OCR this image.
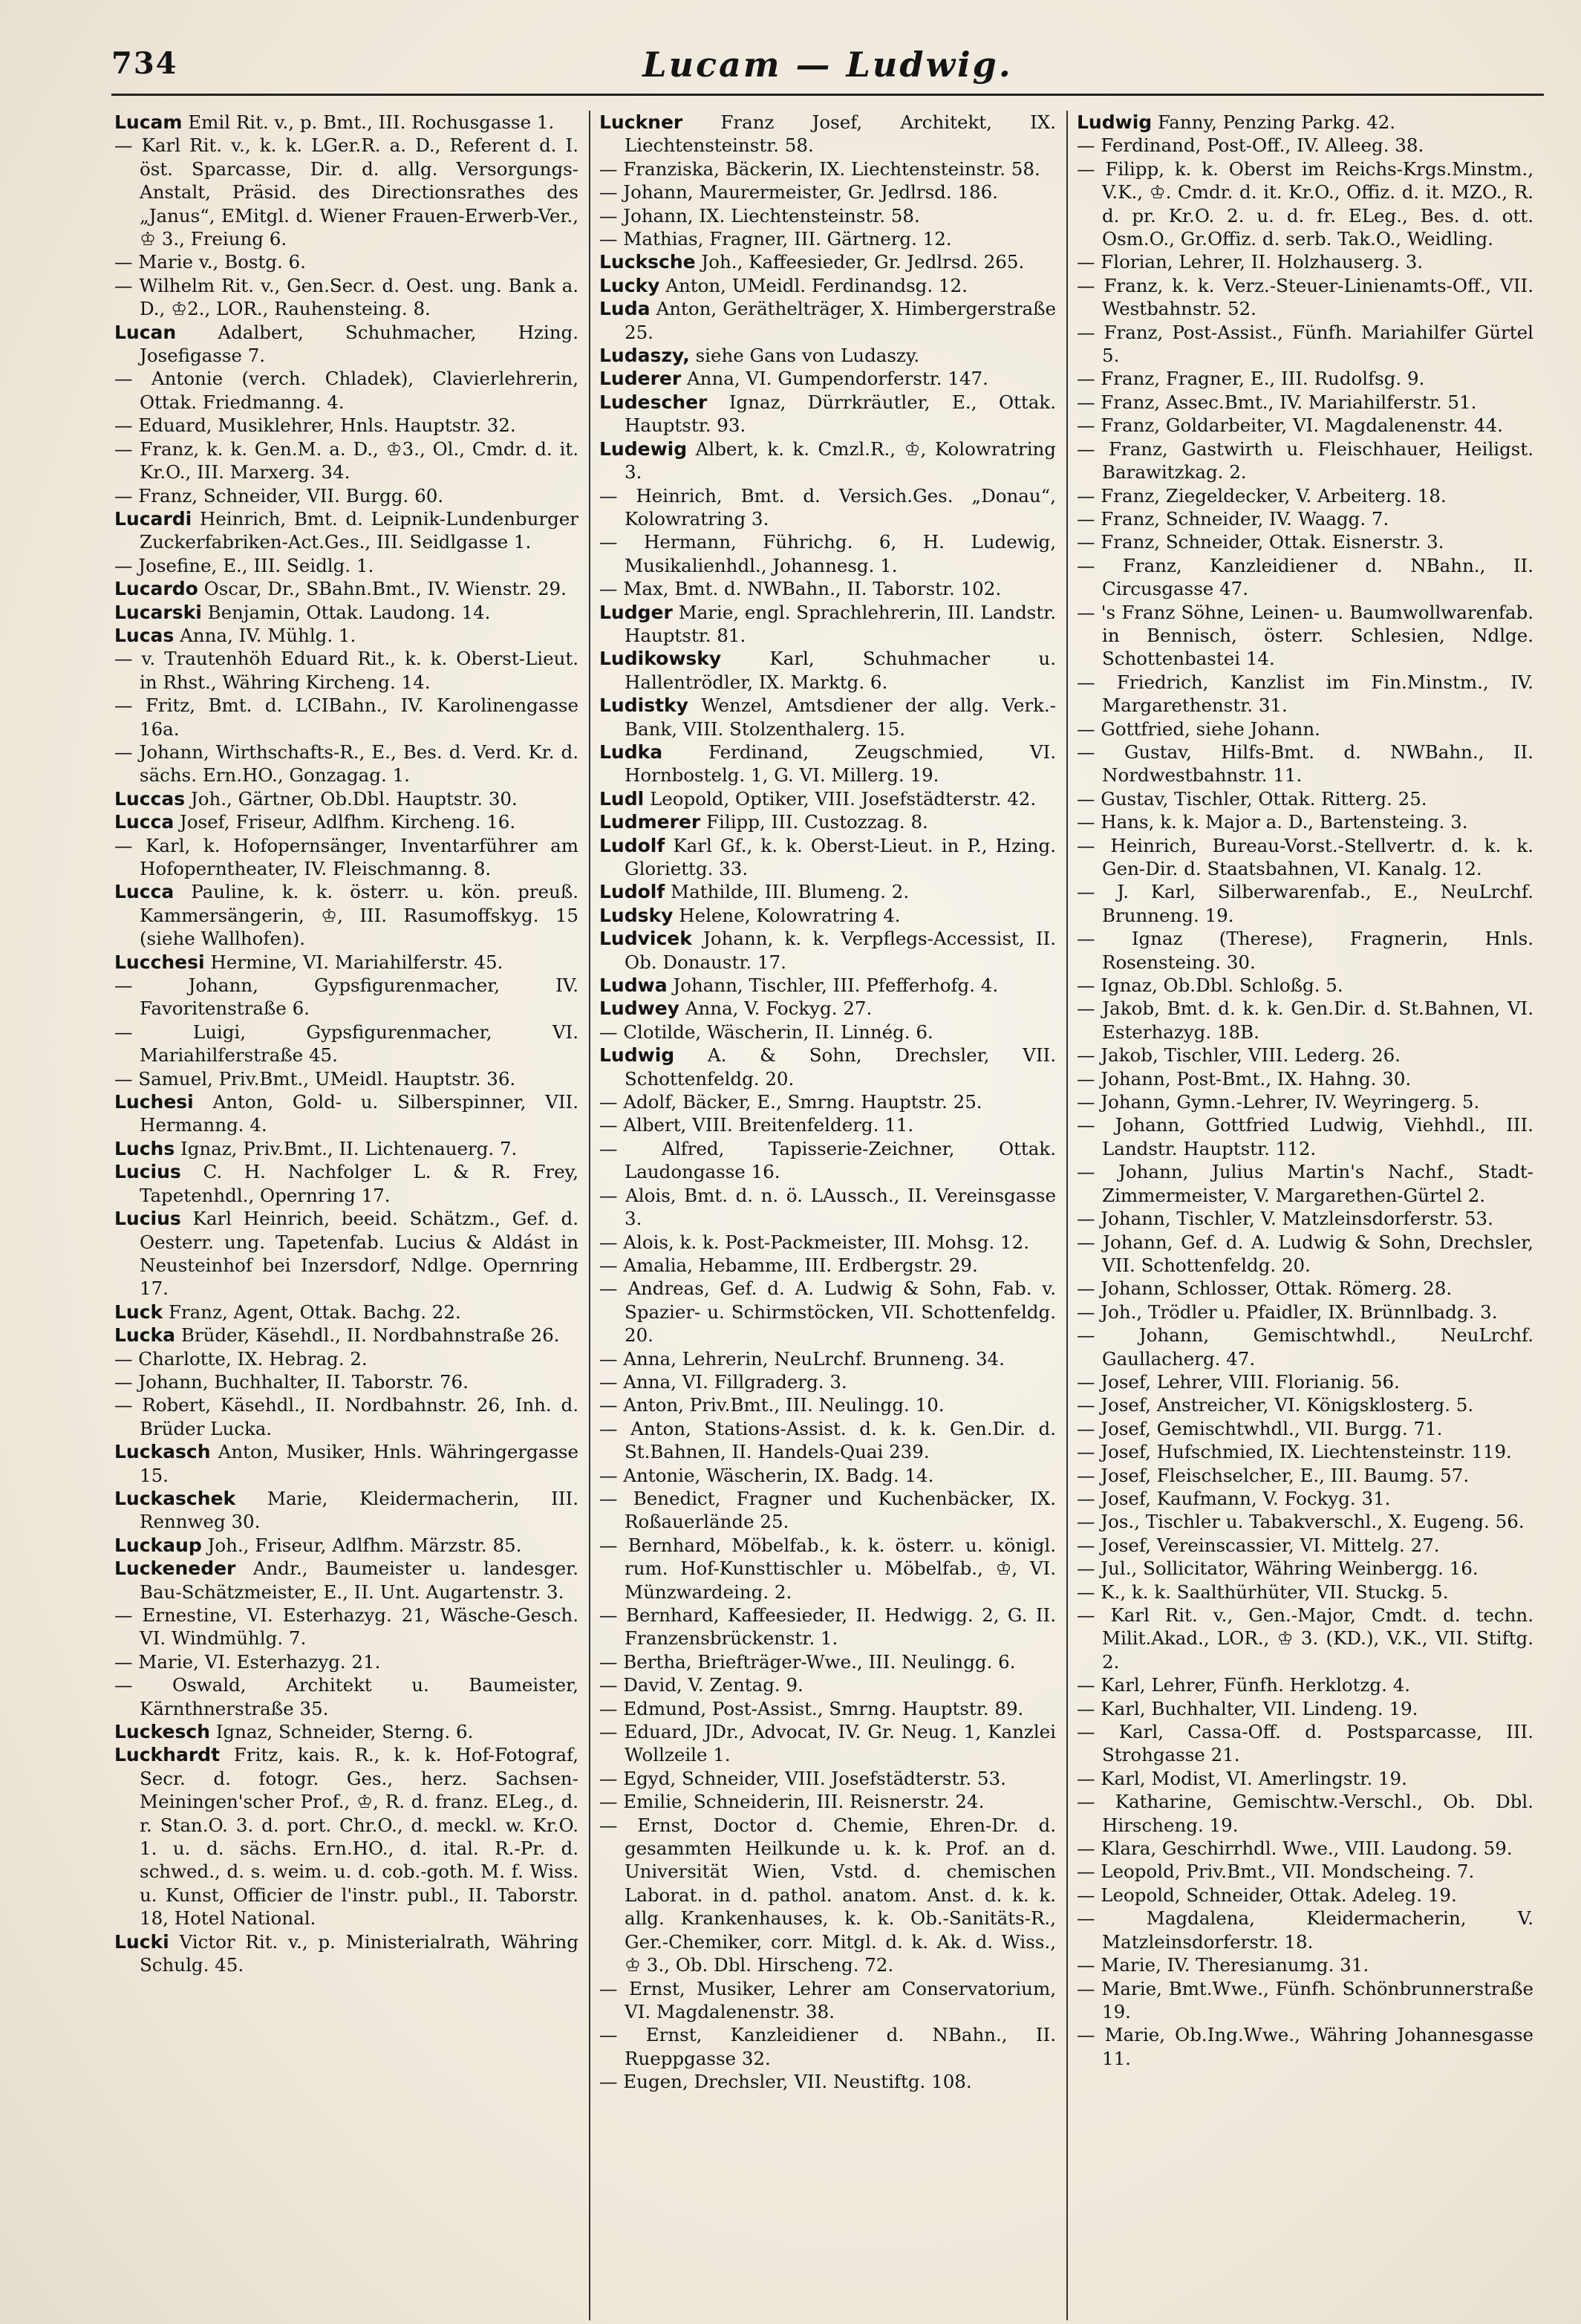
734	Lucam — Ludwig.
Lucam Emil Rit. v., p. Bmt., III. Rochusgasse 1.
— Karl Rit. v., k. k. LGer.R. a. D., Referent d. I. öst. Sparcasse, Dir. d. allg. Versorgungs-Anstalt, Präsid. des Directionsrathes des „Janus“, EMitgl. d. Wiener Frauen-Erwerb-Ver., ♔ 3., Freiung 6.
— Marie v., Bostg. 6.
— Wilhelm Rit. v., Gen.Secr. d. Oest. ung. Bank a. D., ♔2., LOR., Rauhensteing. 8.
Lucan Adalbert, Schuhmacher, Hzing. Josefigasse 7.
— Antonie (verch. Chladek), Clavierlehrerin, Ottak. Friedmanng. 4.
— Eduard, Musiklehrer, Hnls. Hauptstr. 32.
— Franz, k. k. Gen.M. a. D., ♔3., Ol., Cmdr. d. it. Kr.O., III. Marxerg. 34.
— Franz, Schneider, VII. Burgg. 60.
Lucardi Heinrich, Bmt. d. Leipnik-Lundenburger Zuckerfabriken-Act.Ges., III. Seidlgasse 1.
— Josefine, E., III. Seidlg. 1.
Lucardo Oscar, Dr., SBahn.Bmt., IV. Wienstr. 29.
Lucarski Benjamin, Ottak. Laudong. 14.
Lucas Anna, IV. Mühlg. 1.
— v. Trautenhöh Eduard Rit., k. k. Oberst-Lieut. in Rhst., Währing Kircheng. 14.
— Fritz, Bmt. d. LCIBahn., IV. Karolinengasse 16a.
— Johann, Wirthschafts-R., E., Bes. d. Verd. Kr. d. sächs. Ern.HO., Gonzagag. 1.
Luccas Joh., Gärtner, Ob.Dbl. Hauptstr. 30.
Lucca Josef, Friseur, Adlfhm. Kircheng. 16.
— Karl, k. Hofopernsänger, Inventarführer am Hofoperntheater, IV. Fleischmanng. 8.
Lucca Pauline, k. k. österr. u. kön. preuß. Kammersängerin, ♔, III. Rasumoffskyg. 15 (siehe Wallhofen).
Lucchesi Hermine, VI. Mariahilferstr. 45.
— Johann, Gypsfigurenmacher, IV. Favoritenstraße 6.
— Luigi, Gypsfigurenmacher, VI. Mariahilferstraße 45.
— Samuel, Priv.Bmt., UMeidl. Hauptstr. 36.
Luchesi Anton, Gold- u. Silberspinner, VII. Hermanng. 4.
Luchs Ignaz, Priv.Bmt., II. Lichtenauerg. 7.
Lucius C. H. Nachfolger L. & R. Frey, Tapetenhdl., Opernring 17.
Lucius Karl Heinrich, beeid. Schätzm., Gef. d. Oesterr. ung. Tapetenfab. Lucius & Aldást in Neusteinhof bei Inzersdorf, Ndlge. Opernring 17.
Luck Franz, Agent, Ottak. Bachg. 22.
Lucka Brüder, Käsehdl., II. Nordbahnstraße 26.
— Charlotte, IX. Hebrag. 2.
— Johann, Buchhalter, II. Taborstr. 76.
— Robert, Käsehdl., II. Nordbahnstr. 26, Inh. d. Brüder Lucka.
Luckasch Anton, Musiker, Hnls. Währingergasse 15.
Luckaschek Marie, Kleidermacherin, III. Rennweg 30.
Luckaup Joh., Friseur, Adlfhm. Märzstr. 85.
Luckeneder Andr., Baumeister u. landesger. Bau-Schätzmeister, E., II. Unt. Augartenstr. 3.
— Ernestine, VI. Esterhazyg. 21, Wäsche-Gesch. VI. Windmühlg. 7.
— Marie, VI. Esterhazyg. 21.
— Oswald, Architekt u. Baumeister, Kärnthnerstraße 35.
Luckesch Ignaz, Schneider, Sterng. 6.
Luckhardt Fritz, kais. R., k. k. Hof-Fotograf, Secr. d. fotogr. Ges., herz. Sachsen-Meiningen'scher Prof., ♔, R. d. franz. ELeg., d. r. Stan.O. 3. d. port. Chr.O., d. meckl. w. Kr.O. 1. u. d. sächs. Ern.HO., d. ital. R.-Pr. d. schwed., d. s. weim. u. d. cob.-goth. M. f. Wiss. u. Kunst, Officier de l'instr. publ., II. Taborstr. 18, Hotel National.
Lucki Victor Rit. v., p. Ministerialrath, Währing Schulg. 45.
Luckner Franz Josef, Architekt, IX. Liechtensteinstr. 58.
— Franziska, Bäckerin, IX. Liechtensteinstr. 58.
— Johann, Maurermeister, Gr. Jedlrsd. 186.
— Johann, IX. Liechtensteinstr. 58.
— Mathias, Fragner, III. Gärtnerg. 12.
Lucksche Joh., Kaffeesieder, Gr. Jedlrsd. 265.
Lucky Anton, UMeidl. Ferdinandsg. 12.
Luda Anton, Geräthelträger, X. Himbergerstraße 25.
Ludaszy, siehe Gans von Ludaszy.
Luderer Anna, VI. Gumpendorferstr. 147.
Ludescher Ignaz, Dürrkräutler, E., Ottak. Hauptstr. 93.
Ludewig Albert, k. k. Cmzl.R., ♔, Kolowratring 3.
— Heinrich, Bmt. d. Versich.Ges. „Donau“, Kolowratring 3.
— Hermann, Führichg. 6, H. Ludewig, Musikalienhdl., Johannesg. 1.
— Max, Bmt. d. NWBahn., II. Taborstr. 102.
Ludger Marie, engl. Sprachlehrerin, III. Landstr. Hauptstr. 81.
Ludikowsky Karl, Schuhmacher u. Hallentrödler, IX. Marktg. 6.
Ludistky Wenzel, Amtsdiener der allg. Verk.-Bank, VIII. Stolzenthalerg. 15.
Ludka Ferdinand, Zeugschmied, VI. Hornbostelg. 1, G. VI. Millerg. 19.
Ludl Leopold, Optiker, VIII. Josefstädterstr. 42.
Ludmerer Filipp, III. Custozzag. 8.
Ludolf Karl Gf., k. k. Oberst-Lieut. in P., Hzing. Gloriettg. 33.
Ludolf Mathilde, III. Blumeng. 2.
Ludsky Helene, Kolowratring 4.
Ludvicek Johann, k. k. Verpflegs-Accessist, II. Ob. Donaustr. 17.
Ludwa Johann, Tischler, III. Pfefferhofg. 4.
Ludwey Anna, V. Fockyg. 27.
— Clotilde, Wäscherin, II. Linnég. 6.
Ludwig A. & Sohn, Drechsler, VII. Schottenfeldg. 20.
— Adolf, Bäcker, E., Smrng. Hauptstr. 25.
— Albert, VIII. Breitenfelderg. 11.
— Alfred, Tapisserie-Zeichner, Ottak. Laudongasse 16.
— Alois, Bmt. d. n. ö. LAussch., II. Vereinsgasse 3.
— Alois, k. k. Post-Packmeister, III. Mohsg. 12.
— Amalia, Hebamme, III. Erdbergstr. 29.
— Andreas, Gef. d. A. Ludwig & Sohn, Fab. v. Spazier- u. Schirmstöcken, VII. Schottenfeldg. 20.
— Anna, Lehrerin, NeuLrchf. Brunneng. 34.
— Anna, VI. Fillgraderg. 3.
— Anton, Priv.Bmt., III. Neulingg. 10.
— Anton, Stations-Assist. d. k. k. Gen.Dir. d. St.Bahnen, II. Handels-Quai 239.
— Antonie, Wäscherin, IX. Badg. 14.
— Benedict, Fragner und Kuchenbäcker, IX. Roßauerlände 25.
— Bernhard, Möbelfab., k. k. österr. u. königl. rum. Hof-Kunsttischler u. Möbelfab., ♔, VI. Münzwardeing. 2.
— Bernhard, Kaffeesieder, II. Hedwigg. 2, G. II. Franzensbrückenstr. 1.
— Bertha, Briefträger-Wwe., III. Neulingg. 6.
— David, V. Zentag. 9.
— Edmund, Post-Assist., Smrng. Hauptstr. 89.
— Eduard, JDr., Advocat, IV. Gr. Neug. 1, Kanzlei Wollzeile 1.
— Egyd, Schneider, VIII. Josefstädterstr. 53.
— Emilie, Schneiderin, III. Reisnerstr. 24.
— Ernst, Doctor d. Chemie, Ehren-Dr. d. gesammten Heilkunde u. k. k. Prof. an d. Universität Wien, Vstd. d. chemischen Laborat. in d. pathol. anatom. Anst. d. k. k. allg. Krankenhauses, k. k. Ob.-Sanitäts-R., Ger.-Chemiker, corr. Mitgl. d. k. Ak. d. Wiss., ♔ 3., Ob. Dbl. Hirscheng. 72.
— Ernst, Musiker, Lehrer am Conservatorium, VI. Magdalenenstr. 38.
— Ernst, Kanzleidiener d. NBahn., II. Rueppgasse 32.
— Eugen, Drechsler, VII. Neustiftg. 108.
Ludwig Fanny, Penzing Parkg. 42.
— Ferdinand, Post-Off., IV. Alleeg. 38.
— Filipp, k. k. Oberst im Reichs-Krgs.Minstm., V.K., ♔. Cmdr. d. it. Kr.O., Offiz. d. it. MZO., R. d. pr. Kr.O. 2. u. d. fr. ELeg., Bes. d. ott. Osm.O., Gr.Offiz. d. serb. Tak.O., Weidling.
— Florian, Lehrer, II. Holzhauserg. 3.
— Franz, k. k. Verz.-Steuer-Linienamts-Off., VII. Westbahnstr. 52.
— Franz, Post-Assist., Fünfh. Mariahilfer Gürtel 5.
— Franz, Fragner, E., III. Rudolfsg. 9.
— Franz, Assec.Bmt., IV. Mariahilferstr. 51.
— Franz, Goldarbeiter, VI. Magdalenenstr. 44.
— Franz, Gastwirth u. Fleischhauer, Heiligst. Barawitzkag. 2.
— Franz, Ziegeldecker, V. Arbeiterg. 18.
— Franz, Schneider, IV. Waagg. 7.
— Franz, Schneider, Ottak. Eisnerstr. 3.
— Franz, Kanzleidiener d. NBahn., II. Circusgasse 47.
— 's Franz Söhne, Leinen- u. Baumwollwarenfab. in Bennisch, österr. Schlesien, Ndlge. Schottenbastei 14.
— Friedrich, Kanzlist im Fin.Minstm., IV. Margarethenstr. 31.
— Gottfried, siehe Johann.
— Gustav, Hilfs-Bmt. d. NWBahn., II. Nordwestbahnstr. 11.
— Gustav, Tischler, Ottak. Ritterg. 25.
— Hans, k. k. Major a. D., Bartensteing. 3.
— Heinrich, Bureau-Vorst.-Stellvertr. d. k. k. Gen-Dir. d. Staatsbahnen, VI. Kanalg. 12.
— J. Karl, Silberwarenfab., E., NeuLrchf. Brunneng. 19.
— Ignaz (Therese), Fragnerin, Hnls. Rosensteing. 30.
— Ignaz, Ob.Dbl. Schloßg. 5.
— Jakob, Bmt. d. k. k. Gen.Dir. d. St.Bahnen, VI. Esterhazyg. 18B.
— Jakob, Tischler, VIII. Lederg. 26.
— Johann, Post-Bmt., IX. Hahng. 30.
— Johann, Gymn.-Lehrer, IV. Weyringerg. 5.
— Johann, Gottfried Ludwig, Viehhdl., III. Landstr. Hauptstr. 112.
— Johann, Julius Martin's Nachf., Stadt-Zimmermeister, V. Margarethen-Gürtel 2.
— Johann, Tischler, V. Matzleinsdorferstr. 53.
— Johann, Gef. d. A. Ludwig & Sohn, Drechsler, VII. Schottenfeldg. 20.
— Johann, Schlosser, Ottak. Römerg. 28.
— Joh., Trödler u. Pfaidler, IX. Brünnlbadg. 3.
— Johann, Gemischtwhdl., NeuLrchf. Gaullacherg. 47.
— Josef, Lehrer, VIII. Florianig. 56.
— Josef, Anstreicher, VI. Königsklosterg. 5.
— Josef, Gemischtwhdl., VII. Burgg. 71.
— Josef, Hufschmied, IX. Liechtensteinstr. 119.
— Josef, Fleischselcher, E., III. Baumg. 57.
— Josef, Kaufmann, V. Fockyg. 31.
— Jos., Tischler u. Tabakverschl., X. Eugeng. 56.
— Josef, Vereinscassier, VI. Mittelg. 27.
— Jul., Sollicitator, Währing Weinbergg. 16.
— K., k. k. Saalthürhüter, VII. Stuckg. 5.
— Karl Rit. v., Gen.-Major, Cmdt. d. techn. Milit.Akad., LOR., ♔ 3. (KD.), V.K., VII. Stiftg. 2.
— Karl, Lehrer, Fünfh. Herklotzg. 4.
— Karl, Buchhalter, VII. Lindeng. 19.
— Karl, Cassa-Off. d. Postsparcasse, III. Strohgasse 21.
— Karl, Modist, VI. Amerlingstr. 19.
— Katharine, Gemischtw.-Verschl., Ob. Dbl. Hirscheng. 19.
— Klara, Geschirrhdl. Wwe., VIII. Laudong. 59.
— Leopold, Priv.Bmt., VII. Mondscheing. 7.
— Leopold, Schneider, Ottak. Adeleg. 19.
— Magdalena, Kleidermacherin, V. Matzleinsdorferstr. 18.
— Marie, IV. Theresianumg. 31.
— Marie, Bmt.Wwe., Fünfh. Schönbrunnerstraße 19.
— Marie, Ob.Ing.Wwe., Währing Johannesgasse 11.
